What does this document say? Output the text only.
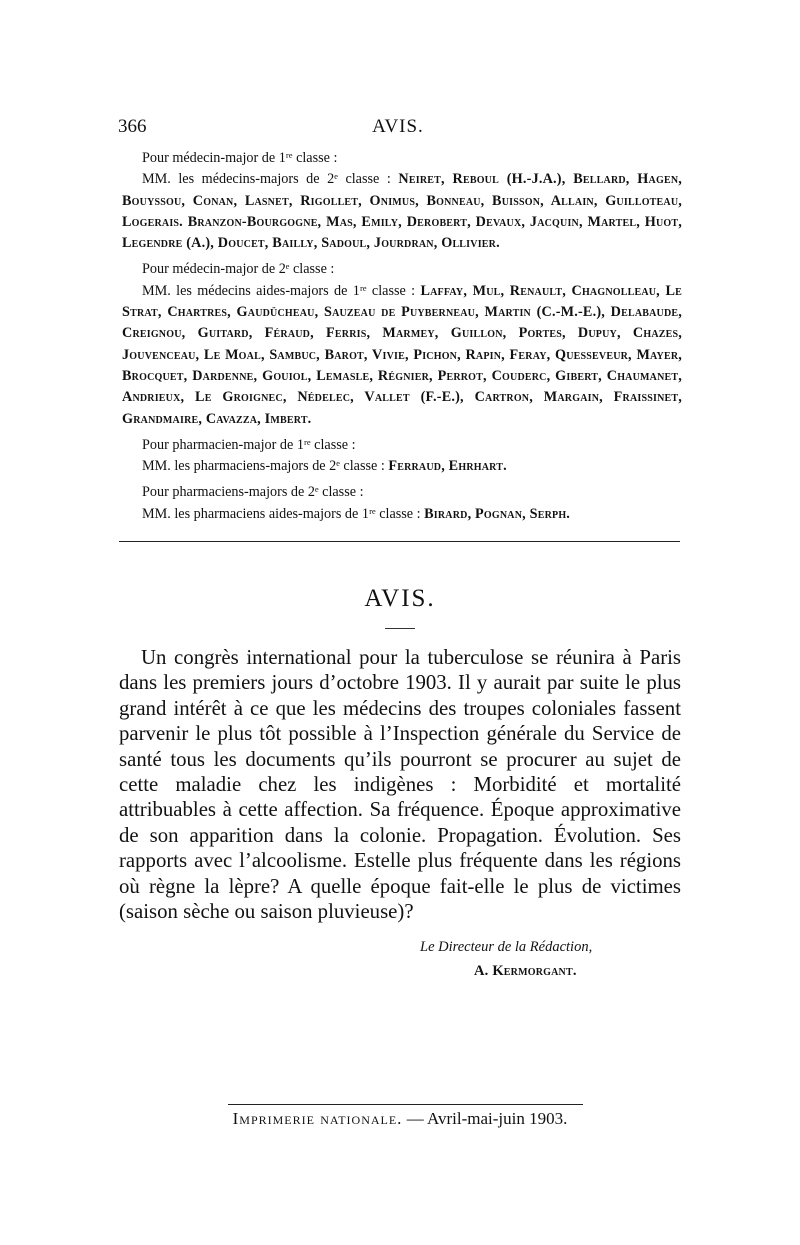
366	AVIS.

Pour médecin-major de 1ʳᵉ classe :

MM. les médecins-majors de 2ᵉ classe : Neiret, Reboul (H.-J.A.), Bellard, Hagen, Bouyssou, Conan, Lasnet, Rigollet, Onimus, Bonneau, Buisson, Allain, Guilloteau, Logerais. Branzon-Bourgogne, Mas, Emily, Derobert, Devaux, Jacquin, Martel, Huot, Legendre (A.), Doucet, Bailly, Sadoul, Jourdran, Ollivier.

Pour médecin-major de 2ᵉ classe :

MM. les médecins aides-majors de 1ʳᵉ classe : Laffay, Mul, Renault, Chagnolleau, Le Strat, Chartres, Gaudücheau, Sauzeau de Puyberneau, Martin (C.-M.-E.), Delabaude, Creignou, Guitard, Féraud, Ferris, Marmey, Guillon, Portes, Dupuy, Chazes, Jouvenceau, Le Moal, Sambuc, Barot, Vivie, Pichon, Rapin, Feray, Quesseveur, Mayer, Brocquet, Dardenne, Gouiol, Lemasle, Régnier, Perrot, Couderc, Gibert, Chaumanet, Andrieux, Le Groignec, Nédelec, Vallet (F.-E.), Cartron, Margain, Fraissinet, Grandmaire, Cavazza, Imbert.

Pour pharmacien-major de 1ʳᵉ classe :

MM. les pharmaciens-majors de 2ᵉ classe : Ferraud, Ehrhart.

Pour pharmaciens-majors de 2ᵉ classe :

MM. les pharmaciens aides-majors de 1ʳᵉ classe : Birard, Pognan, Serph.

AVIS.

Un congrès international pour la tuberculose se réunira à Paris dans les premiers jours d’octobre 1903. Il y aurait par suite le plus grand intérêt à ce que les médecins des troupes coloniales fassent parvenir le plus tôt possible à l’Inspection générale du Service de santé tous les documents qu’ils pourront se procurer au sujet de cette maladie chez les indigènes : Morbidité et mortalité attribuables à cette affection. Sa fréquence. Époque approximative de son apparition dans la colonie. Propagation. Évolution. Ses rapports avec l’alcoolisme. Estelle plus fréquente dans les régions où règne la lèpre? A quelle époque fait-elle le plus de victimes (saison sèche ou saison pluvieuse)?

Le Directeur de la Rédaction,
A. Kermorgant.
Imprimerie nationale. — Avril-mai-juin 1903.
